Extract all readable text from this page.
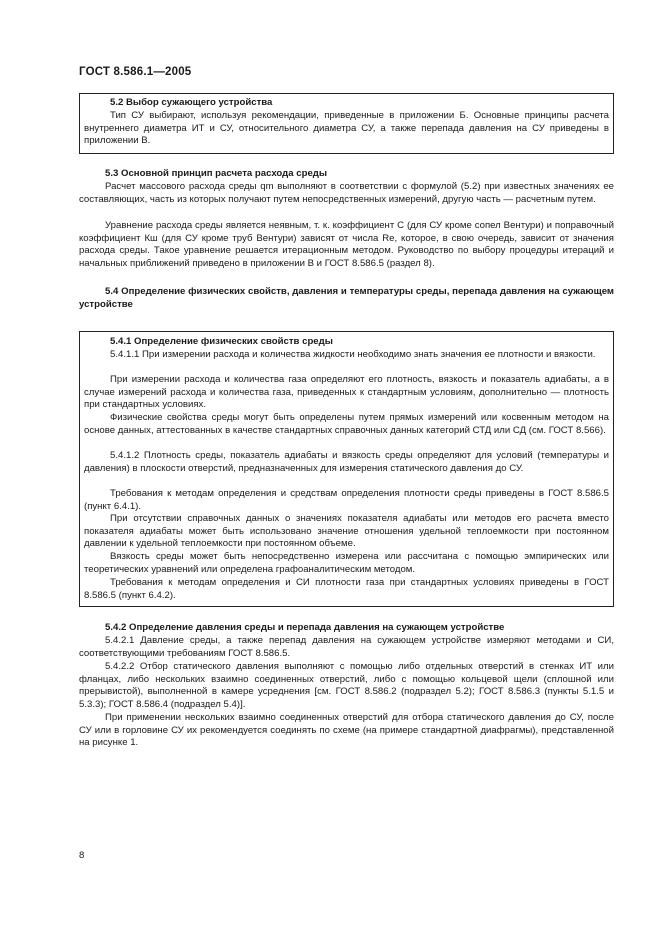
ГОСТ 8.586.1—2005
5.2 Выбор сужающего устройства
Тип СУ выбирают, используя рекомендации, приведенные в приложении Б. Основные принципы расчета внутреннего диаметра ИТ и СУ, относительного диаметра СУ, а также перепада давления на СУ приведены в приложении В.
5.3 Основной принцип расчета расхода среды
Расчет массового расхода среды qm выполняют в соответствии с формулой (5.2) при известных значениях ее составляющих, часть из которых получают путем непосредственных измерений, другую часть — расчетным путем.
Уравнение расхода среды является неявным, т. к. коэффициент С (для СУ кроме сопел Вентури) и поправочный коэффициент Кш (для СУ кроме труб Вентури) зависят от числа Re, которое, в свою очередь, зависит от значения расхода среды. Такое уравнение решается итерационным методом. Руководство по выбору процедуры итераций и начальных приближений приведено в приложении В и ГОСТ 8.586.5 (раздел 8).
5.4 Определение физических свойств, давления и температуры среды, перепада давления на сужающем устройстве
5.4.1 Определение физических свойств среды
5.4.1.1 При измерении расхода и количества жидкости необходимо знать значения ее плотности и вязкости.
При измерении расхода и количества газа определяют его плотность, вязкость и показатель адиабаты, а в случае измерений расхода и количества газа, приведенных к стандартным условиям, дополнительно — плотность при стандартных условиях.
Физические свойства среды могут быть определены путем прямых измерений или косвенным методом на основе данных, аттестованных в качестве стандартных справочных данных категорий СТД или СД (см. ГОСТ 8.566).
5.4.1.2 Плотность среды, показатель адиабаты и вязкость среды определяют для условий (температуры и давления) в плоскости отверстий, предназначенных для измерения статического давления до СУ.
Требования к методам определения и средствам определения плотности среды приведены в ГОСТ 8.586.5 (пункт 6.4.1).
При отсутствии справочных данных о значениях показателя адиабаты или методов его расчета вместо показателя адиабаты может быть использовано значение отношения удельной теплоемкости при постоянном давлении к удельной теплоемкости при постоянном объеме.
Вязкость среды может быть непосредственно измерена или рассчитана с помощью эмпирических или теоретических уравнений или определена графоаналитическим методом.
Требования к методам определения и СИ плотности газа при стандартных условиях приведены в ГОСТ 8.586.5 (пункт 6.4.2).
5.4.2 Определение давления среды и перепада давления на сужающем устройстве
5.4.2.1 Давление среды, а также перепад давления на сужающем устройстве измеряют методами и СИ, соответствующими требованиям ГОСТ 8.586.5.
5.4.2.2 Отбор статического давления выполняют с помощью либо отдельных отверстий в стенках ИТ или фланцах, либо нескольких взаимно соединенных отверстий, либо с помощью кольцевой щели (сплошной или прерывистой), выполненной в камере усреднения [см. ГОСТ 8.586.2 (подраздел 5.2); ГОСТ 8.586.3 (пункты 5.1.5 и 5.3.3); ГОСТ 8.586.4 (подраздел 5.4)].
При применении нескольких взаимно соединенных отверстий для отбора статического давления до СУ, после СУ или в горловине СУ их рекомендуется соединять по схеме (на примере стандартной диафрагмы), представленной на рисунке 1.
8
